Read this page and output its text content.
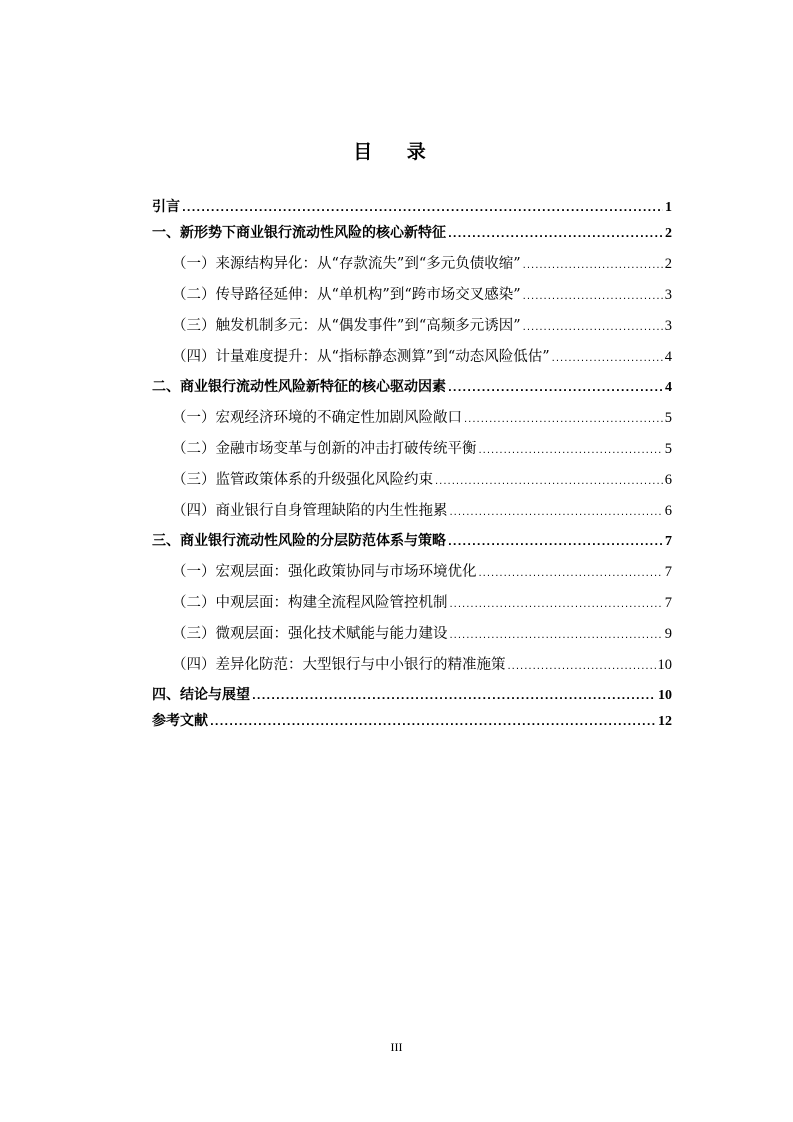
目 录
引言 .....	1
一、 新形势下商业银行流动性风险的核心新特征 .....	2
（一） 来源结构异化：从“存款流失”到“多元负债收缩” .....	2
（二） 传导路径延伸：从“单机构”到“跨市场交叉感染” .....	3
（三） 触发机制多元：从“偶发事件”到“高频多元诱因” .....	3
（四） 计量难度提升：从“指标静态测算”到“动态风险低估” .....	4
二、 商业银行流动性风险新特征的核心驱动因素 .....	4
（一） 宏观经济环境的不确定性加剧风险敞口 .....	5
（二） 金融市场变革与创新的冲击打破传统平衡 .....	5
（三） 监管政策体系的升级强化风险约束 .....	6
（四） 商业银行自身管理缺陷的内生性拖累 .....	6
三、 商业银行流动性风险的分层防范体系与策略 .....	7
（一） 宏观层面：强化政策协同与市场环境优化 .....	7
（二） 中观层面：构建全流程风险管控机制 .....	7
（三） 微观层面：强化技术赋能与能力建设 .....	9
（四） 差异化防范：大型银行与中小银行的精准施策 .....	10
四、 结论与展望 .....	10
参考文献 .....	12
III
